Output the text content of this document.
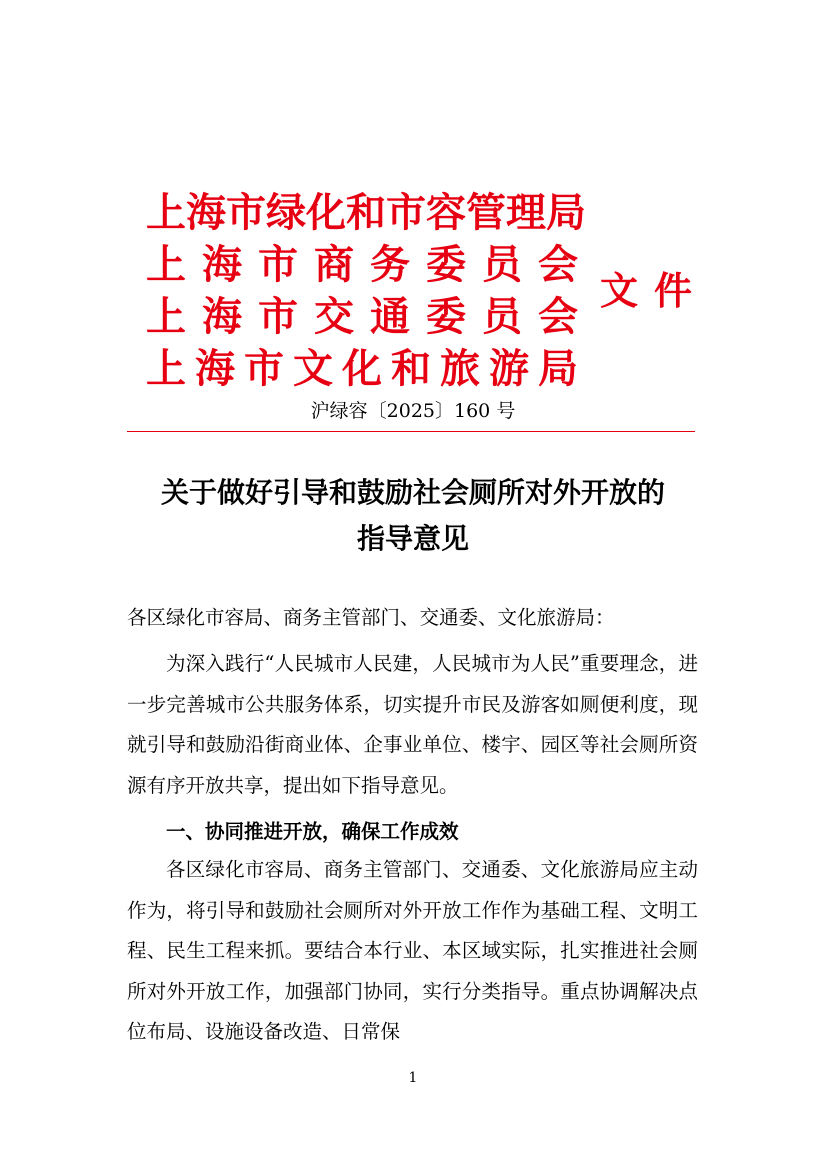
上 海 市 绿 化 和 市 容 管 理 局
上 海 市 商 务 委 员 会
上 海 市 交 通 委 员 会
上 海 市 文 化 和 旅 游 局
文 件
沪绿容〔2025〕160 号
关于做好引导和鼓励社会厕所对外开放的
指导意见
各区绿化市容局、商务主管部门、交通委、文化旅游局：
为深入践行“人民城市人民建，人民城市为人民”重要理念，进一步完善城市公共服务体系，切实提升市民及游客如厕便利度，现就引导和鼓励沿街商业体、企事业单位、楼宇、园区等社会厕所资源有序开放共享，提出如下指导意见。
一、协同推进开放，确保工作成效
各区绿化市容局、商务主管部门、交通委、文化旅游局应主动作为，将引导和鼓励社会厕所对外开放工作作为基础工程、文明工程、民生工程来抓。要结合本行业、本区域实际，扎实推进社会厕所对外开放工作，加强部门协同，实行分类指导。重点协调解决点位布局、设施设备改造、日常保
1
